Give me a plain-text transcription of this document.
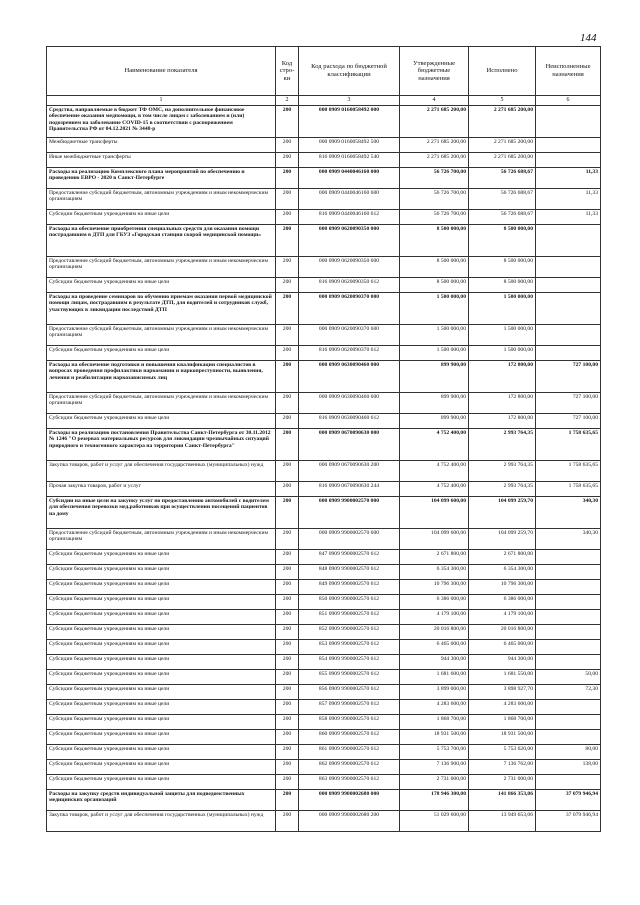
144
Наименование показателя	Код стро-ки	Код расхода по бюджетной классификации	Утвержденные бюджетные назначения	Исполнено	Неисполненные назначения
1	2	3	4	5	6
Средства, направляемые в бюджет ТФ ОМС, на дополнительное финансовое обеспечение оказания медпомощи, в том числе лицам с заболеванием и (или) подозрением на заболевание COVID-15 в соответствии с распоряжением Правительства РФ от 04.12.2021 № 3448-р	200	000 0909 0160058492 000	2 271 685 200,00	2 271 685 200,00	
Межбюджетные трансферты	200	000 0909 0160058492 500	2 271 685 200,00	2 271 685 200,00	
Иные межбюджетные трансферты	200	816 0909 0160058492 540	2 271 685 200,00	2 271 685 200,00	
Расходы на реализацию Комплексного плана мероприятий по обеспечению и проведению ЕВРО - 2020 в Санкт-Петербурге	200	000 0909 0440046160 000	56 726 700,00	56 726 688,67	11,33
Предоставление субсидий бюджетным, автономным учреждениям и иным некоммерческим организациям	200	000 0909 0440046160 600	56 726 700,00	56 726 688,67	11,33
Субсидии бюджетным учреждениям на иные цели	200	816 0909 0440046160 612	56 726 700,00	56 726 688,67	11,33
Расходы на обеспечение приобретения специальных средств для оказания помощи пострадавшим в ДТП для ГБУЗ «Городская станция скорой медицинской помощи»	200	000 0909 0620090350 000	8 500 000,00	8 500 000,00	
Предоставление субсидий бюджетным, автономным учреждениям и иным некоммерческим организациям	200	000 0909 0620090350 600	8 500 000,00	8 500 000,00	
Субсидии бюджетным учреждениям на иные цели	200	816 0909 0620090350 612	8 500 000,00	8 500 000,00	
Расходы на проведение семинаров по обучению приемам оказания первой медицинской помощи лицам, пострадавшим в результате ДТП, для водителей и сотрудников служб, участвующих в ликвидации последствий ДТП	200	000 0909 0620090370 000	1 500 000,00	1 500 000,00	
Предоставление субсидий бюджетным, автономным учреждениям и иным некоммерческим организациям	200	000 0909 0620090370 600	1 500 000,00	1 500 000,00	
Субсидии бюджетным учреждениям на иные цели	200	816 0909 0620090370 612	1 500 000,00	1 500 000,00	
Расходы на обеспечение подготовки и повышения квалификации специалистов в вопросах проведения профилактики наркомании и наркопреступности, выявления, лечения и реабилитации наркозависимых лиц	200	000 0909 0630090460 000	899 900,00	172 800,00	727 100,00
Предоставление субсидий бюджетным, автономным учреждениям и иным некоммерческим организациям	200	000 0909 0630090460 600	899 900,00	172 800,00	727 100,00
Субсидии бюджетным учреждениям на иные цели	200	816 0909 0630090460 612	899 900,00	172 800,00	727 100,00
Расходы на реализацию постановления Правительства Санкт-Петербурга от 30.11.2012 № 1246 "О резервах материальных ресурсов для ликвидации чрезвычайных ситуаций природного и техногенного характера на территории Санкт-Петербурга"	200	000 0909 0670090630 000	4 752 400,00	2 993 764,35	1 758 635,65
Закупка товаров, работ и услуг для обеспечения государственных (муниципальных) нужд	200	000 0909 0670090630 200	4 752 400,00	2 993 764,35	1 758 635,65
Прочая закупка товаров, работ и услуг	200	816 0909 0670090630 244	4 752 400,00	2 993 764,35	1 758 635,65
Субсидии на иные цели на закупку услуг по предоставлению автомобилей с водителем для обеспечения перевозки мед.работников при осуществлении посещений пациентов на дому	200	000 0909 9900002570 000	104 099 600,00	104 099 259,70	340,30
Предоставление субсидий бюджетным, автономным учреждениям и иным некоммерческим организациям	200	000 0909 9900002570 600	104 099 600,00	104 099 259,70	340,30
Субсидии бюджетным учреждениям на иные цели	200	847 0909 9900002570 612	2 671 800,00	2 671 800,00	
Субсидии бюджетным учреждениям на иные цели	200	848 0909 9900002570 612	6 354 300,00	6 354 300,00	
Субсидии бюджетным учреждениям на иные цели	200	849 0909 9900002570 612	10 796 300,00	10 796 300,00	
Субсидии бюджетным учреждениям на иные цели	200	850 0909 9900002570 612	6 386 000,00	6 386 000,00	
Субсидии бюджетным учреждениям на иные цели	200	851 0909 9900002570 612	4 179 100,00	4 179 100,00	
Субсидии бюджетным учреждениям на иные цели	200	852 0909 9900002570 612	20 016 800,00	20 016 800,00	
Субсидии бюджетным учреждениям на иные цели	200	853 0909 9900002570 612	6 465 000,00	6 465 000,00	
Субсидии бюджетным учреждениям на иные цели	200	854 0909 9900002570 612	944 300,00	944 300,00	
Субсидии бюджетным учреждениям на иные цели	200	855 0909 9900002570 612	1 681 600,00	1 681 550,00	50,00
Субсидии бюджетным учреждениям на иные цели	200	856 0909 9900002570 612	3 899 000,00	3 898 927,70	72,30
Субсидии бюджетным учреждениям на иные цели	200	857 0909 9900002570 612	4 283 600,00	4 283 600,00	
Субсидии бюджетным учреждениям на иные цели	200	858 0909 9900002570 612	1 868 700,00	1 868 700,00	
Субсидии бюджетным учреждениям на иные цели	200	860 0909 9900002570 612	18 931 500,00	18 931 500,00	
Субсидии бюджетным учреждениям на иные цели	200	861 0909 9900002570 612	5 753 700,00	5 753 620,00	80,00
Субсидии бюджетным учреждениям на иные цели	200	862 0909 9900002570 612	7 136 900,00	7 136 762,00	138,00
Субсидии бюджетным учреждениям на иные цели	200	863 0909 9900002570 612	2 731 000,00	2 731 000,00	
Расходы на закупку средств индивидуальной защиты для подведомственных медицинских организаций	200	000 0909 9900002680 000	178 946 300,00	141 866 353,06	37 079 946,94
Закупка товаров, работ и услуг для обеспечения государственных (муниципальных) нужд	200	000 0909 9900002680 200	51 029 600,00	13 949 653,06	37 079 946,94
